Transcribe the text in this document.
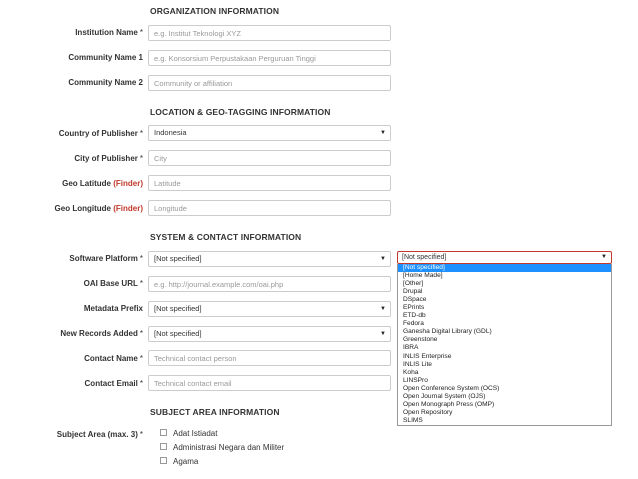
ORGANIZATION INFORMATION
Institution Name *
e.g. Institut Teknologi XYZ
Community Name 1
e.g. Konsorsium Perpustakaan Perguruan Tinggi
Community Name 2
Community or affiliation
LOCATION & GEO-TAGGING INFORMATION
Country of Publisher *	Indonesia	▼
City of Publisher *
City
Geo Latitude (Finder)
Latitude
Geo Longitude (Finder)
Longitude
SYSTEM & CONTACT INFORMATION
Software Platform *	[Not specified]	▼
OAI Base URL *
e.g. http://journal.example.com/oai.php
Metadata Prefix	[Not specified]	▼
New Records Added *	[Not specified]	▼
Contact Name *
Technical contact person
Contact Email *
Technical contact email
SUBJECT AREA INFORMATION
Subject Area (max. 3) *	Adat Istiadat
Administrasi Negara dan Militer
Agama
[Not specified]	▼
[Not specified]
[Home Made]
[Other]
Drupal
DSpace
EPrints
ETD-db
Fedora
Ganesha Digital Library (GDL)
Greenstone
IBRA
INLIS Enterprise
INLIS Lite
Koha
LINSPro
Open Conference System (OCS)
Open Journal System (OJS)
Open Monograph Press (OMP)
Open Repository
SLIMS
